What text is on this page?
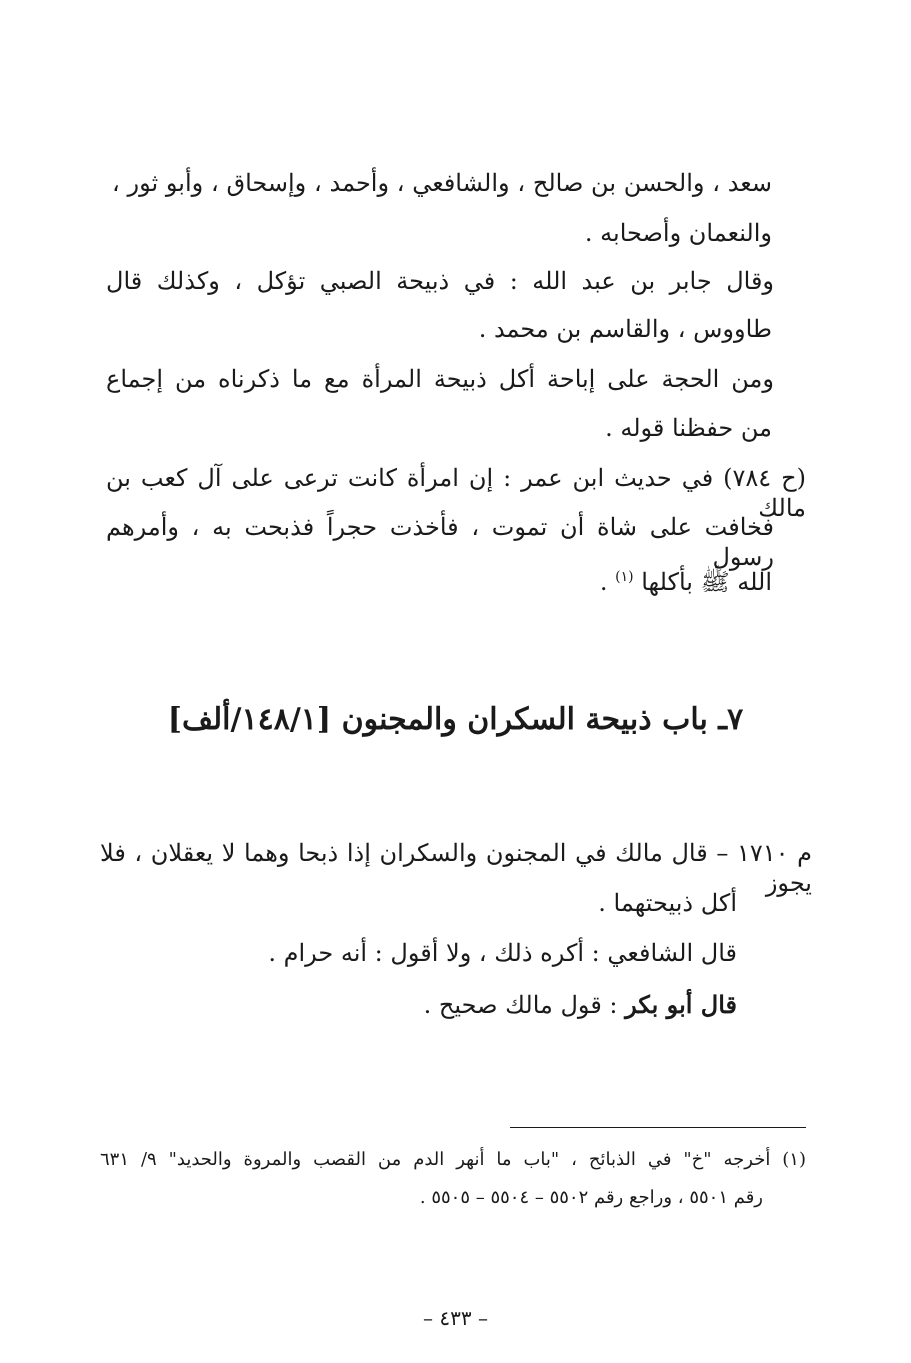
سعد ، والحسن بن صالح ، والشافعي ، وأحمد ، وإسحاق ، وأبو ثور ،
والنعمان وأصحابه .
وقال جابر بن عبد الله : في ذبيحة الصبي تؤكل ، وكذلك قال
طاووس ، والقاسم بن محمد .
ومن الحجة على إباحة أكل ذبيحة المرأة مع ما ذكرناه من إجماع
من حفظنا قوله .
(ح ٧٨٤) في حديث ابن عمر : إن امرأة كانت ترعى على آل كعب بن مالك
فخافت على شاة أن تموت ، فأخذت حجراً فذبحت به ، وأمرهم رسول
الله ﷺ بأكلها $^{(١)}$ .
٧ـ باب ذبيحة السكران والمجنون [١٤٨/١/ألف]
م ١٧١٠ – قال مالك في المجنون والسكران إذا ذبحا وهما لا يعقلان ، فلا يجوز
أكل ذبيحتهما .
قال الشافعي : أكره ذلك ، ولا أقول : أنه حرام .
قال أبو بكر : قول مالك صحيح .
(١) أخرجه "خ" في الذبائح ، "باب ما أنهر الدم من القصب والمروة والحديد" ٩/ ٦٣١
رقم ٥٥٠١ ، وراجع رقم ٥٥٠٢ – ٥٥٠٤ – ٥٥٠٥ .
– ٤٣٣ –
